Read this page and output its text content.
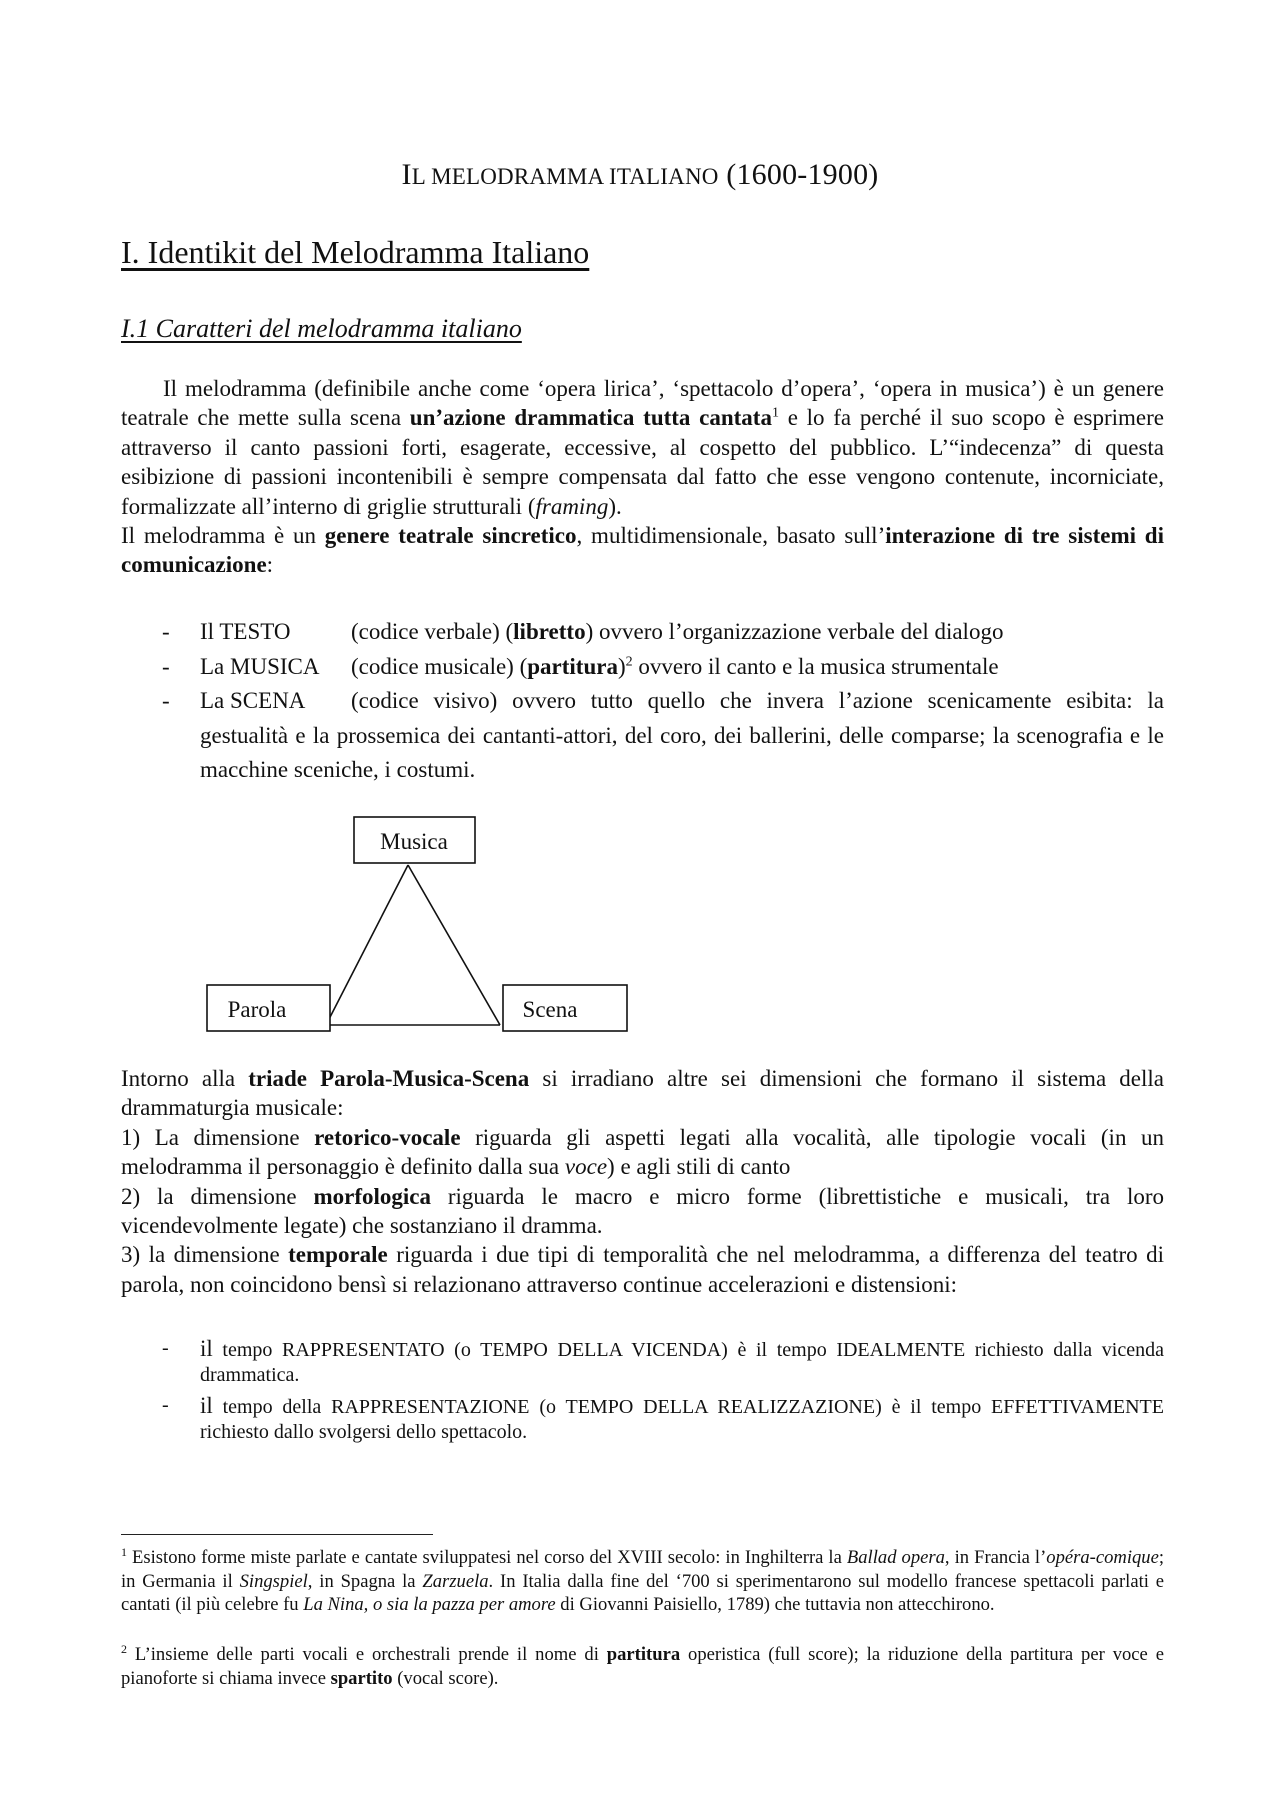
IL MELODRAMMA ITALIANO (1600-1900)
I. Identikit del Melodramma Italiano
I.1 Caratteri del melodramma italiano
Il melodramma (definibile anche come ‘opera lirica’, ‘spettacolo d’opera’, ‘opera in musica’) è un genere teatrale che mette sulla scena un’azione drammatica tutta cantata$^1$ e lo fa perché il suo scopo è esprimere attraverso il canto passioni forti, esagerate, eccessive, al cospetto del pubblico. L’“indecenza” di questa esibizione di passioni incontenibili è sempre compensata dal fatto che esse vengono contenute, incorniciate, formalizzate all’interno di griglie strutturali (framing).
Il melodramma è un genere teatrale sincretico, multidimensionale, basato sull’interazione di tre sistemi di comunicazione:
- Il TESTO	(codice verbale) (libretto) ovvero l’organizzazione verbale del dialogo
- La MUSICA (codice musicale) (partitura)$^2$ ovvero il canto e la musica strumentale
- La SCENA (codice visivo) ovvero tutto quello che invera l’azione scenicamente esibita: la gestualità e la prossemica dei cantanti-attori, del coro, dei ballerini, delle comparse; la scenografia e le macchine sceniche, i costumi.
Musica
Parola	Scena
Intorno alla triade Parola-Musica-Scena si irradiano altre sei dimensioni che formano il sistema della drammaturgia musicale:
1) La dimensione retorico-vocale riguarda gli aspetti legati alla vocalità, alle tipologie vocali (in un melodramma il personaggio è definito dalla sua voce) e agli stili di canto
2) la dimensione morfologica riguarda le macro e micro forme (librettistiche e musicali, tra loro vicendevolmente legate) che sostanziano il dramma.
3) la dimensione temporale riguarda i due tipi di temporalità che nel melodramma, a differenza del teatro di parola, non coincidono bensì si relazionano attraverso continue accelerazioni e distensioni:
- il tempo RAPPRESENTATO (o TEMPO DELLA VICENDA) è il tempo IDEALMENTE richiesto dalla vicenda drammatica.
- il tempo della RAPPRESENTAZIONE (o TEMPO DELLA REALIZZAZIONE) è il tempo EFFETTIVAMENTE richiesto dallo svolgersi dello spettacolo.
$^1$ Esistono forme miste parlate e cantate sviluppatesi nel corso del XVIII secolo: in Inghilterra la Ballad opera, in Francia l’opéra-comique; in Germania il Singspiel, in Spagna la Zarzuela. In Italia dalla fine del ‘700 si sperimentarono sul modello francese spettacoli parlati e cantati (il più celebre fu La Nina, o sia la pazza per amore di Giovanni Paisiello, 1789) che tuttavia non attecchirono.
$^2$ L’insieme delle parti vocali e orchestrali prende il nome di partitura operistica (full score); la riduzione della partitura per voce e pianoforte si chiama invece spartito (vocal score).
